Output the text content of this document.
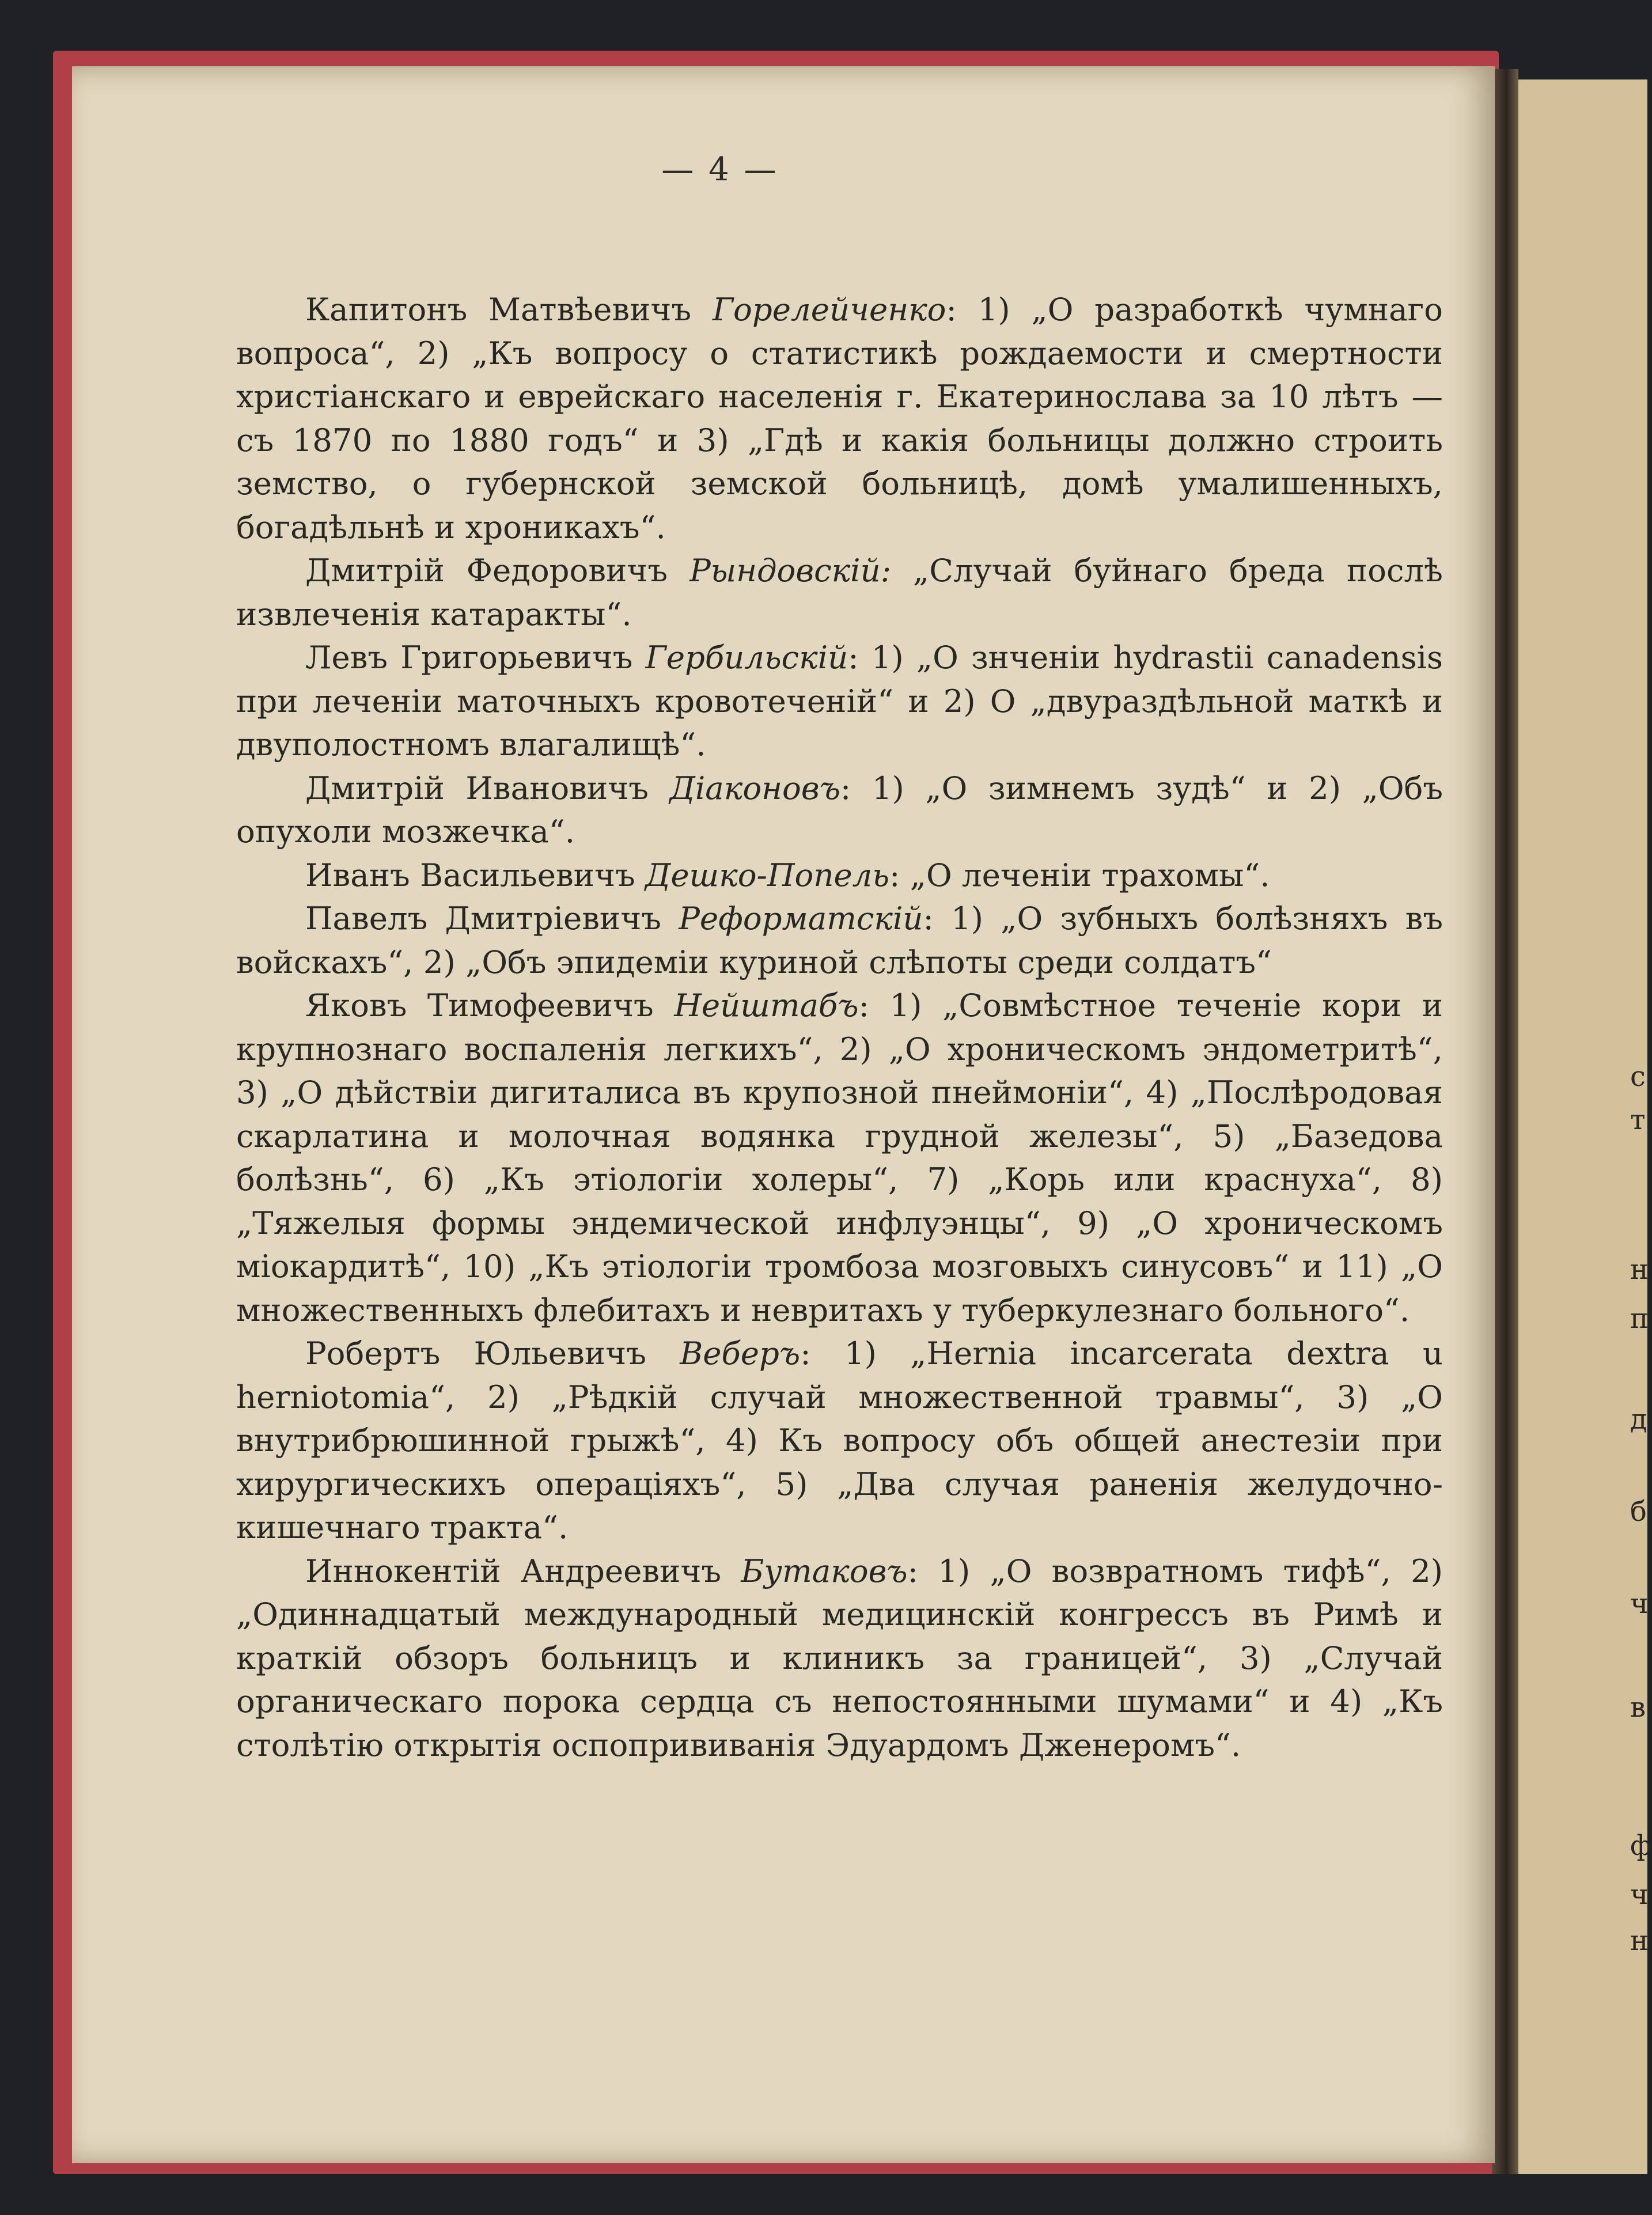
— 4 —

Капитонъ Матвѣевичъ Горелейченко: 1) „О разработкѣ чумнаго вопроса“, 2) „Къ вопросу о статистикѣ рождаемости и смертности христіанскаго и еврейскаго населенія г. Екатеринослава за 10 лѣтъ — съ 1870 по 1880 годъ“ и 3) „Гдѣ и какія больницы должно строить земство, о губернской земской больницѣ, домѣ умалишенныхъ, богадѣльнѣ и хроникахъ“.

Дмитрій Федоровичъ Рындовскій: „Случай буйнаго бреда послѣ извлеченія катаракты“.

Левъ Григорьевичъ Гербильскій: 1) „О знченіи hydrastii canadensis при леченіи маточныхъ кровотеченій“ и 2) О „двураздѣльной маткѣ и двуполостномъ влагалищѣ“.

Дмитрій Ивановичъ Діаконовъ: 1) „О зимнемъ зудѣ“ и 2) „Объ опухоли мозжечка“.

Иванъ Васильевичъ Дешко-Попель: „О леченіи трахомы“.

Павелъ Дмитріевичъ Реформатскій: 1) „О зубныхъ болѣзняхъ въ войскахъ“, 2) „Объ эпидеміи куриной слѣпоты среди солдатъ“

Яковъ Тимофеевичъ Нейштабъ: 1) „Совмѣстное теченіе кори и крупнознаго воспаленія легкихъ“, 2) „О хроническомъ эндометритѣ“, 3) „О дѣйствіи дигиталиса въ крупозной пнеймоніи“, 4) „Послѣродовая скарлатина и молочная водянка грудной железы“, 5) „Базедова болѣзнь“, 6) „Къ этіологіи холеры“, 7) „Корь или краснуха“, 8) „Тяжелыя формы эндемической инфлуэнцы“, 9) „О хроническомъ міокардитѣ“, 10) „Къ этіологіи тромбоза мозговыхъ синусовъ“ и 11) „О множественныхъ флебитахъ и невритахъ у туберкулезнаго больного“.

Робертъ Юльевичъ Веберъ: 1) „Hernia incarcerata dextra u herniotomia“, 2) „Рѣдкій случай множественной травмы“, 3) „О внутрибрюшинной грыжѣ“, 4) Къ вопросу объ общей анестезіи при хирургическихъ операціяхъ“, 5) „Два случая раненія желудочно-кишечнаго тракта“.

Иннокентій Андреевичъ Бутаковъ: 1) „О возвратномъ тифѣ“, 2) „Одиннадцатый международный медицинскій конгрессъ въ Римѣ и краткій обзоръ больницъ и клиникъ за границей“, 3) „Случай органическаго порока сердца съ непостоянными шумами“ и 4) „Къ столѣтію открытія оспопрививанія Эдуардомъ Дженеромъ“.

с
т
н
п
д
б
ч
в
ф
ч
н
